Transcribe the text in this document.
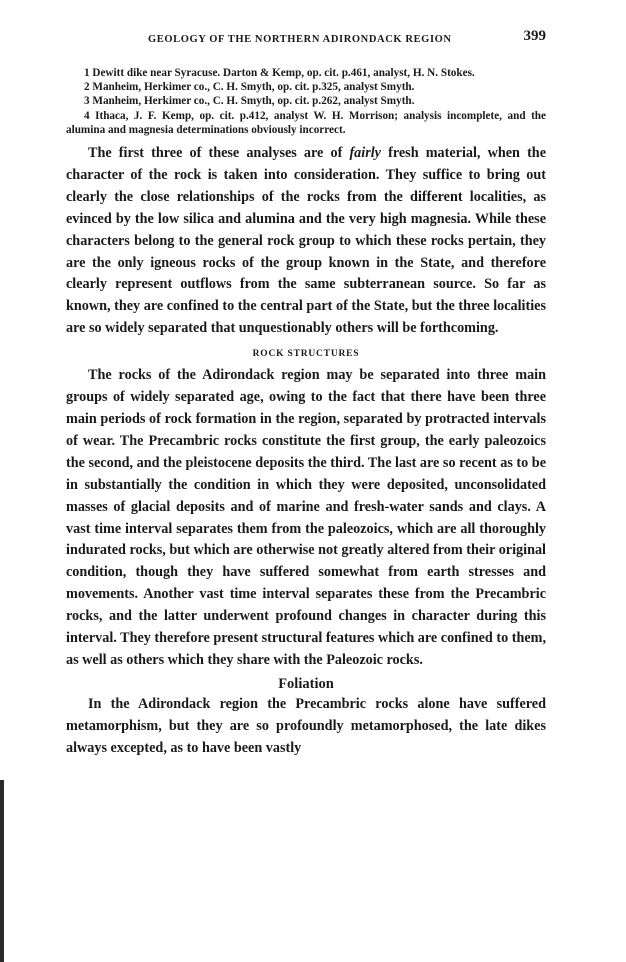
GEOLOGY OF THE NORTHERN ADIRONDACK REGION	399

1 Dewitt dike near Syracuse. Darton & Kemp, op. cit. p.461, analyst, H. N. Stokes.

2 Manheim, Herkimer co., C. H. Smyth, op. cit. p.325, analyst Smyth.

3 Manheim, Herkimer co., C. H. Smyth, op. cit. p.262, analyst Smyth.

4 Ithaca, J. F. Kemp, op. cit. p.412, analyst W. H. Morrison; analysis incomplete, and the alumina and magnesia determinations obviously incorrect.

The first three of these analyses are of fairly fresh material, when the character of the rock is taken into consideration. They suffice to bring out clearly the close relationships of the rocks from the different localities, as evinced by the low silica and alumina and the very high magnesia. While these characters belong to the general rock group to which these rocks pertain, they are the only igneous rocks of the group known in the State, and therefore clearly represent outflows from the same subterranean source. So far as known, they are confined to the central part of the State, but the three localities are so widely separated that unquestionably others will be forthcoming.

ROCK STRUCTURES

The rocks of the Adirondack region may be separated into three main groups of widely separated age, owing to the fact that there have been three main periods of rock formation in the region, separated by protracted intervals of wear. The Precambric rocks constitute the first group, the early paleozoics the second, and the pleistocene deposits the third. The last are so recent as to be in substantially the condition in which they were deposited, unconsolidated masses of glacial deposits and of marine and fresh-water sands and clays. A vast time interval separates them from the paleozoics, which are all thoroughly indurated rocks, but which are otherwise not greatly altered from their original condition, though they have suffered somewhat from earth stresses and movements. Another vast time interval separates these from the Precambric rocks, and the latter underwent profound changes in character during this interval. They therefore present structural features which are confined to them, as well as others which they share with the Paleozoic rocks.

Foliation

In the Adirondack region the Precambric rocks alone have suffered metamorphism, but they are so profoundly metamorphosed, the late dikes always excepted, as to have been vastly
